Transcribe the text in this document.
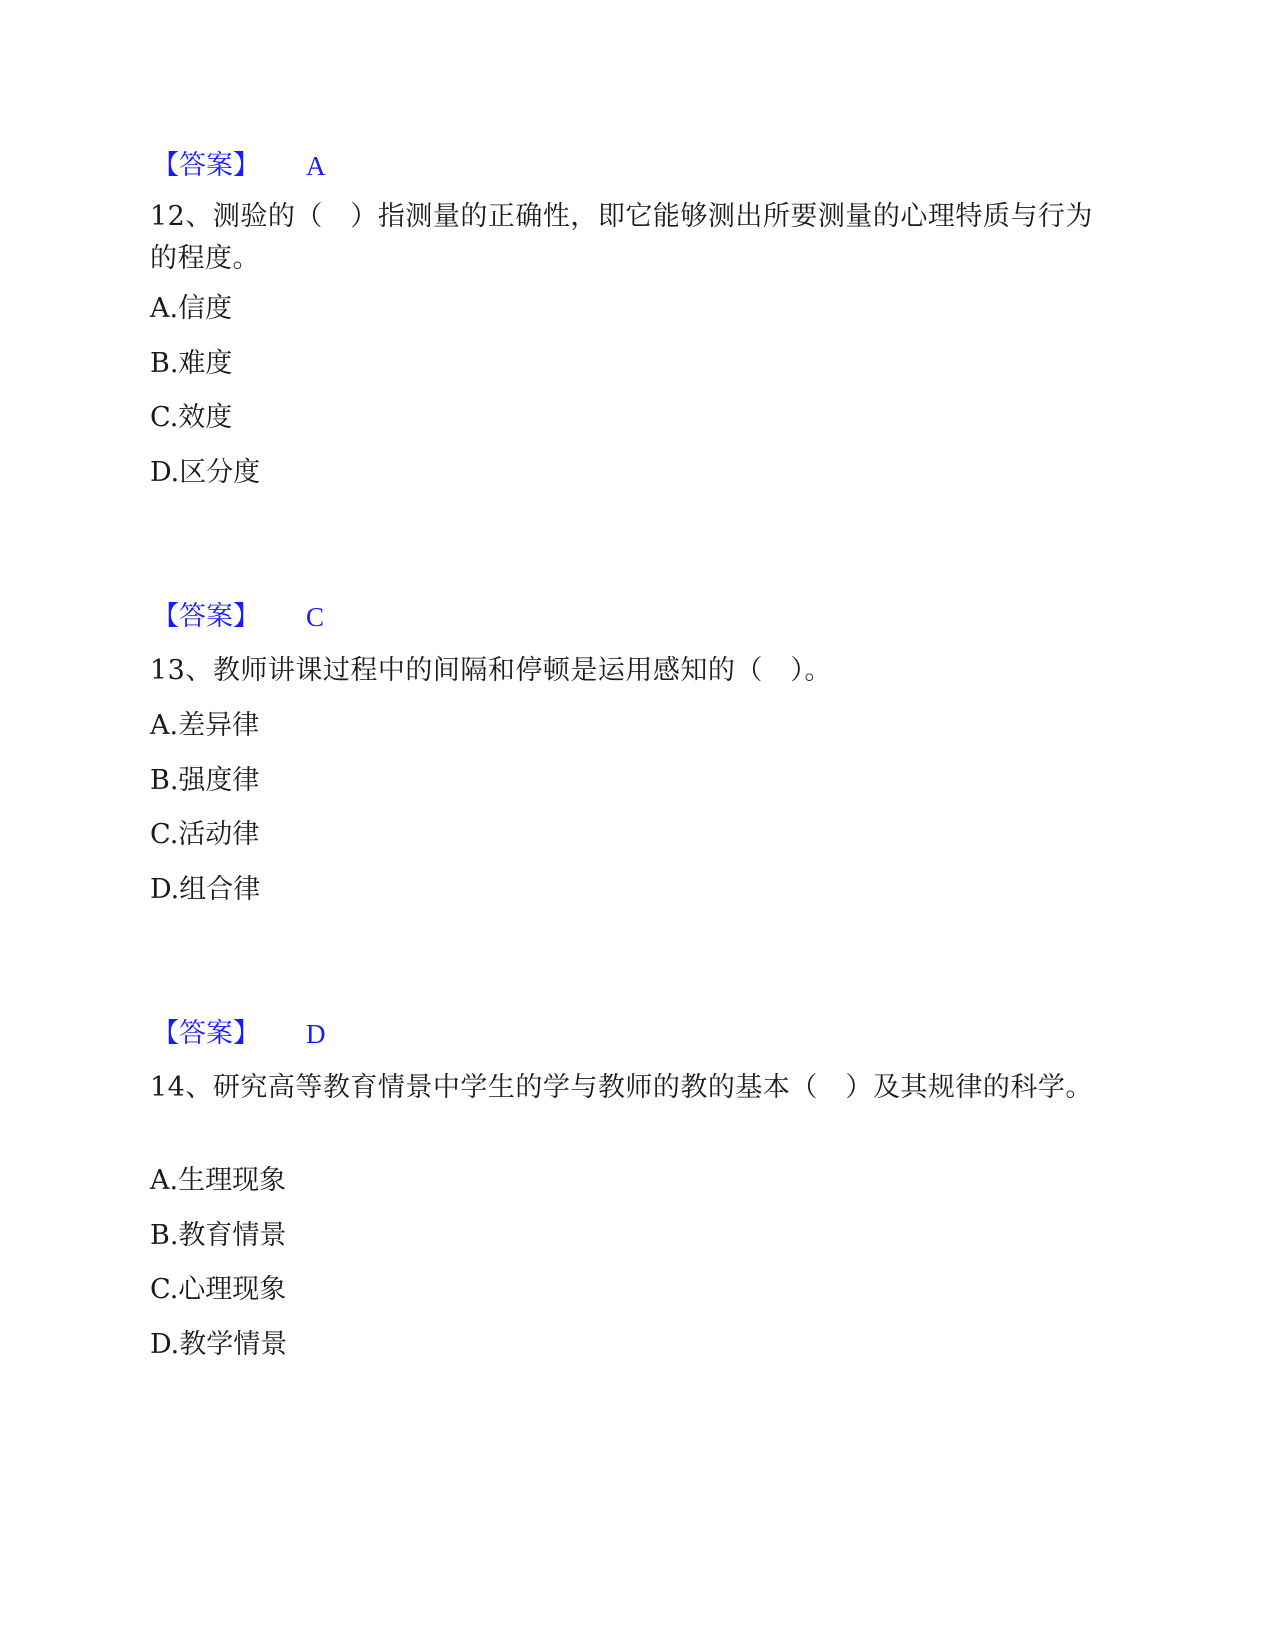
【答案】 A
12、测验的（　）指测量的正确性，即它能够测出所要测量的心理特质与行为的程度。
A.信度
B.难度
C.效度
D.区分度
【答案】 C
13、教师讲课过程中的间隔和停顿是运用感知的（　）。
A.差异律
B.强度律
C.活动律
D.组合律
【答案】 D
14、研究高等教育情景中学生的学与教师的教的基本（　）及其规律的科学。
A.生理现象
B.教育情景
C.心理现象
D.教学情景
